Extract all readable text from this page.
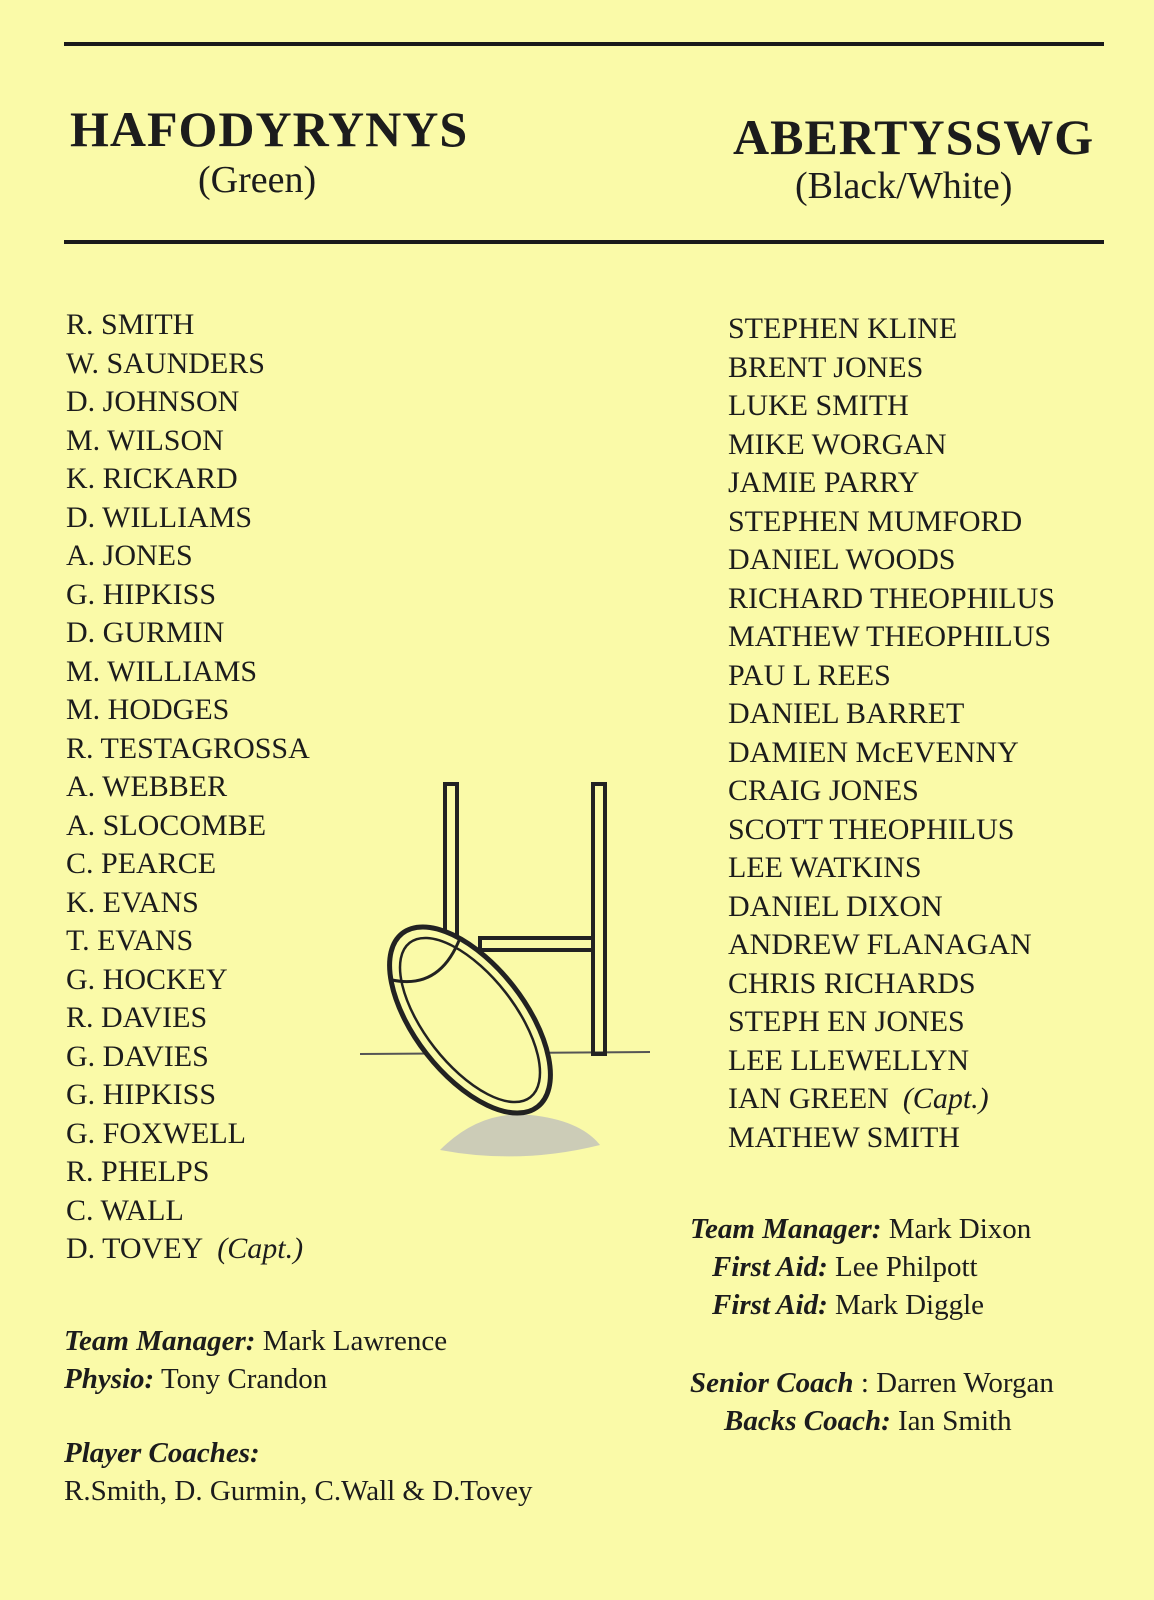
HAFODYRYNYS
(Green)
ABERTYSSWG
(Black/White)
R. SMITH
W. SAUNDERS
D. JOHNSON
M. WILSON
K. RICKARD
D. WILLIAMS
A. JONES
G. HIPKISS
D. GURMIN
M. WILLIAMS
M. HODGES
R. TESTAGROSSA
A. WEBBER
A. SLOCOMBE
C. PEARCE
K. EVANS
T. EVANS
G. HOCKEY
R. DAVIES
G. DAVIES
G. HIPKISS
G. FOXWELL
R. PHELPS
C. WALL
D. TOVEY (Capt.)
STEPHEN KLINE
BRENT JONES
LUKE SMITH
MIKE WORGAN
JAMIE PARRY
STEPHEN MUMFORD
DANIEL WOODS
RICHARD THEOPHILUS
MATHEW THEOPHILUS
PAU L REES
DANIEL BARRET
DAMIEN McEVENNY
CRAIG JONES
SCOTT THEOPHILUS
LEE WATKINS
DANIEL DIXON
ANDREW FLANAGAN
CHRIS RICHARDS
STEPH EN JONES
LEE LLEWELLYN
IAN GREEN (Capt.)
MATHEW SMITH
Team Manager: Mark Lawrence
Physio: Tony Crandon
Player Coaches:
R.Smith, D. Gurmin, C.Wall & D.Tovey
Team Manager: Mark Dixon
First Aid: Lee Philpott
First Aid: Mark Diggle
Senior Coach : Darren Worgan
Backs Coach: Ian Smith
